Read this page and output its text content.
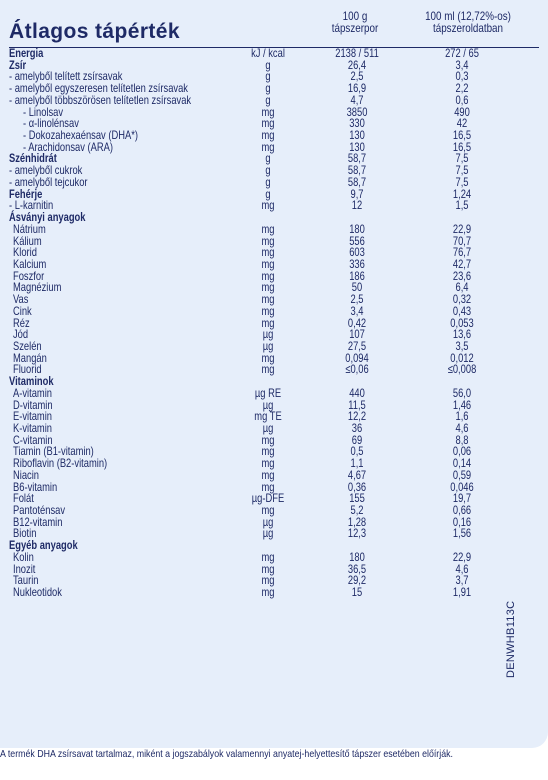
Átlagos tápérték
100 g
tápszerpor
100 ml (12,72%-os)
tápszeroldatban
Energia	kJ / kcal	2138 / 511	272 / 65
Zsír	g	26,4	3,4
- amelyből telített zsírsavak	g	2,5	0,3
- amelyből egyszeresen telítetlen zsírsavak	g	16,9	2,2
- amelyből többszörösen telítetlen zsírsavak	g	4,7	0,6
- Linolsav	mg	3850	490
- α-linolénsav	mg	330	42
- Dokozahexaénsav (DHA*)	mg	130	16,5
- Arachidonsav (ARA)	mg	130	16,5
Szénhidrát	g	58,7	7,5
- amelyből cukrok	g	58,7	7,5
- amelyből tejcukor	g	58,7	7,5
Fehérje	g	9,7	1,24
- L-karnitin	mg	12	1,5
Ásványi anyagok
Nátrium	mg	180	22,9
Kálium	mg	556	70,7
Klorid	mg	603	76,7
Kalcium	mg	336	42,7
Foszfor	mg	186	23,6
Magnézium	mg	50	6,4
Vas	mg	2,5	0,32
Cink	mg	3,4	0,43
Réz	mg	0,42	0,053
Jód	µg	107	13,6
Szelén	µg	27,5	3,5
Mangán	mg	0,094	0,012
Fluorid	mg	≤0,06	≤0,008
Vitaminok
A-vitamin	µg RE	440	56,0
D-vitamin	µg	11,5	1,46
E-vitamin	mg TE	12,2	1,6
K-vitamin	µg	36	4,6
C-vitamin	mg	69	8,8
Tiamin (B1-vitamin)	mg	0,5	0,06
Riboflavin (B2-vitamin)	mg	1,1	0,14
Niacin	mg	4,67	0,59
B6-vitamin	mg	0,36	0,046
Folát	µg-DFE	155	19,7
Pantoténsav	mg	5,2	0,66
B12-vitamin	µg	1,28	0,16
Biotin	µg	12,3	1,56
Egyéb anyagok
Kolin	mg	180	22,9
Inozit	mg	36,5	4,6
Taurin	mg	29,2	3,7
Nukleotidok	mg	15	1,91
DENWHB113C
A termék DHA zsírsavat tartalmaz, miként a jogszabályok valamennyi anyatej-helyettesítő tápszer esetében előírják.
